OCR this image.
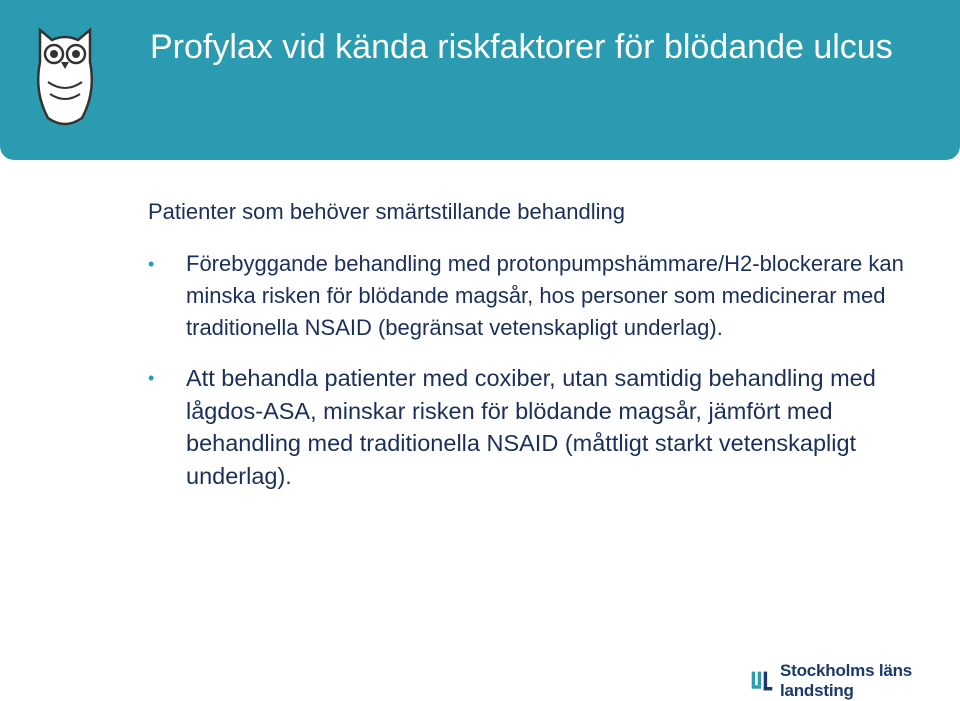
Profylax vid kända riskfaktorer för blödande ulcus

Patienter som behöver smärtstillande behandling

• Förebyggande behandling med protonpumpshämmare/H2-blockerare kan minska risken för blödande magsår, hos personer som medicinerar med traditionella NSAID (begränsat vetenskapligt underlag).
• Att behandla patienter med coxiber, utan samtidig behandling med lågdos-ASA, minskar risken för blödande magsår, jämfört med behandling med traditionella NSAID (måttligt starkt vetenskapligt underlag).
Stockholms läns landsting
